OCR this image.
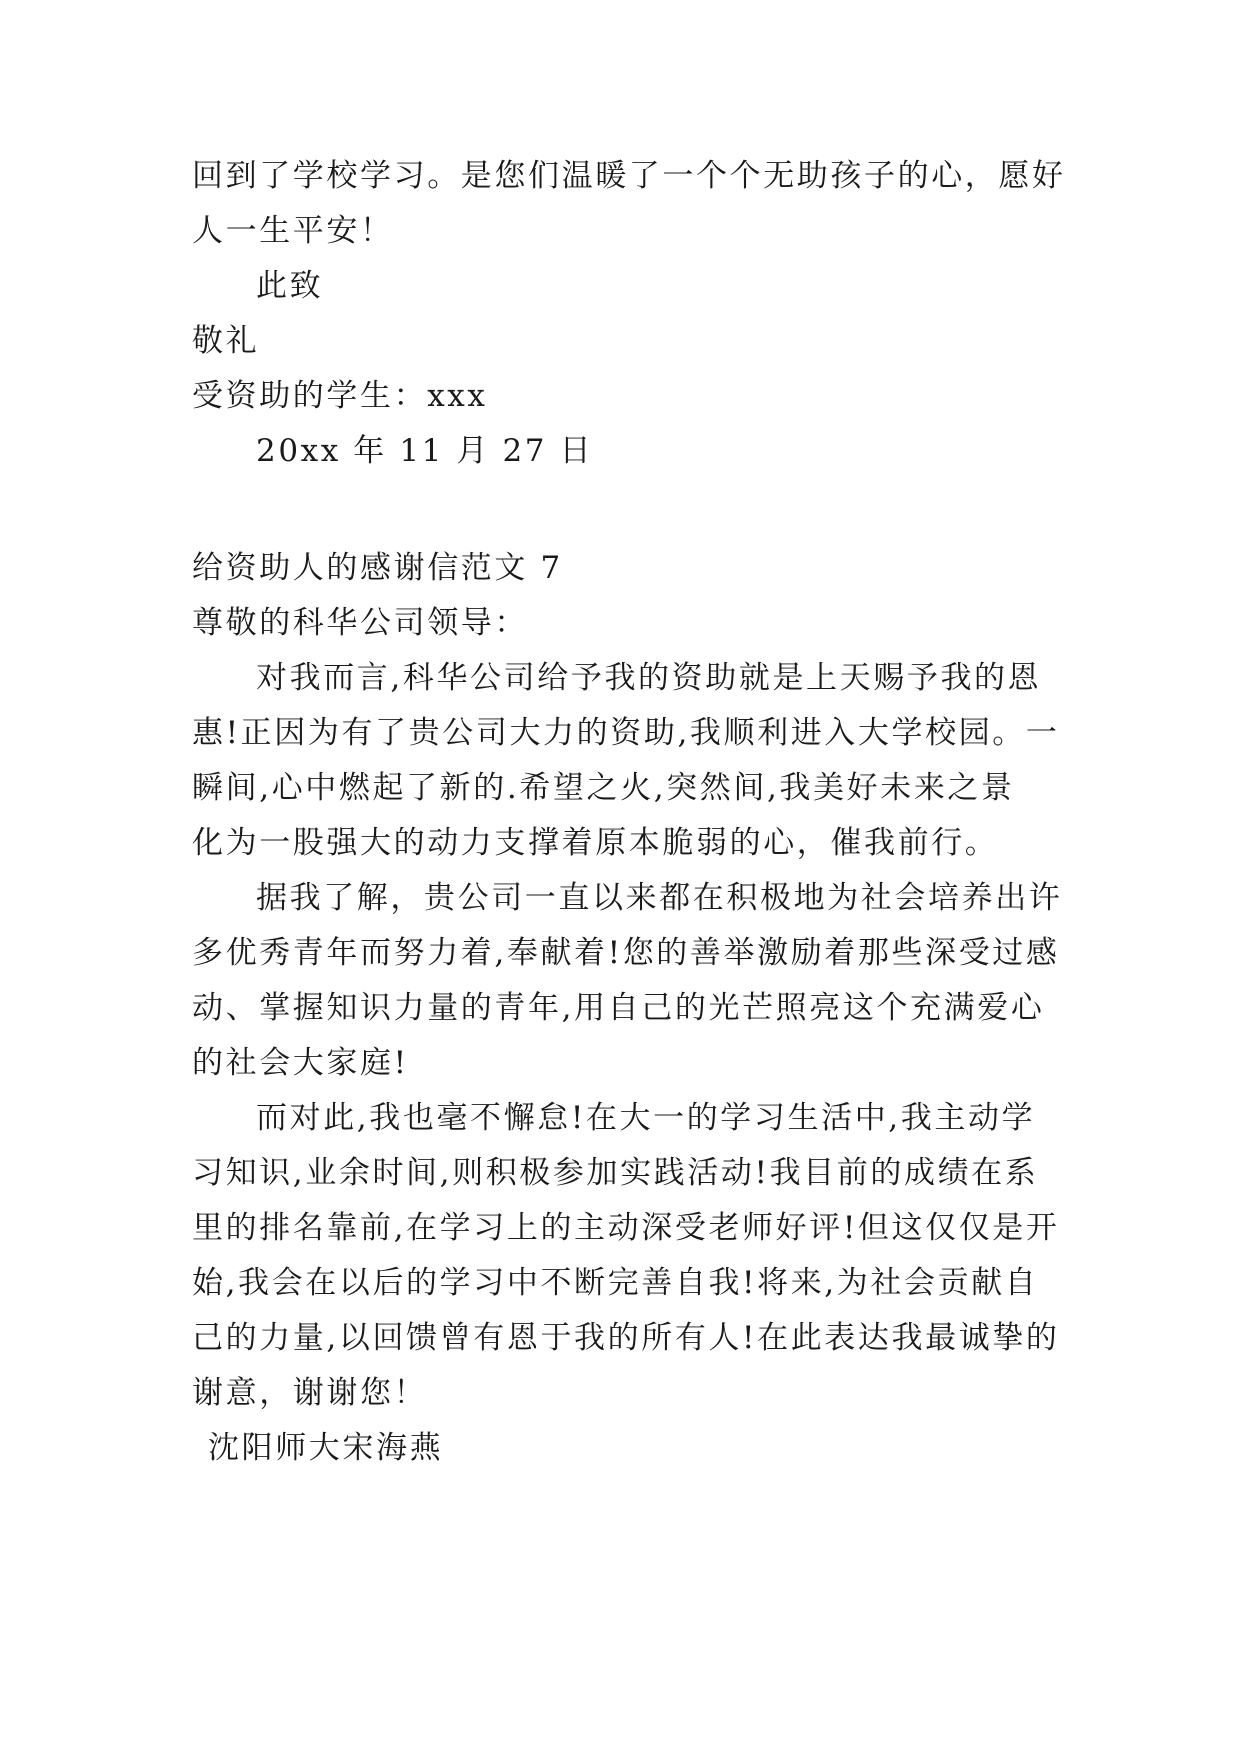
回到了学校学习。是您们温暖了一个个无助孩子的心，愿好
人一生平安！
此致
敬礼
受资助的学生：xxx
20xx 年 11 月 27 日
给资助人的感谢信范文 7
尊敬的科华公司领导：
对我而言,科华公司给予我的资助就是上天赐予我的恩
惠!正因为有了贵公司大力的资助,我顺利进入大学校园。一
瞬间,心中燃起了新的.希望之火,突然间,我美好未来之景
化为一股强大的动力支撑着原本脆弱的心，催我前行。
据我了解，贵公司一直以来都在积极地为社会培养出许
多优秀青年而努力着,奉献着!您的善举激励着那些深受过感
动、掌握知识力量的青年,用自己的光芒照亮这个充满爱心
的社会大家庭!
而对此,我也毫不懈怠!在大一的学习生活中,我主动学
习知识,业余时间,则积极参加实践活动!我目前的成绩在系
里的排名靠前,在学习上的主动深受老师好评!但这仅仅是开
始,我会在以后的学习中不断完善自我!将来,为社会贡献自
己的力量,以回馈曾有恩于我的所有人!在此表达我最诚挚的
谢意，谢谢您！
沈阳师大宋海燕
